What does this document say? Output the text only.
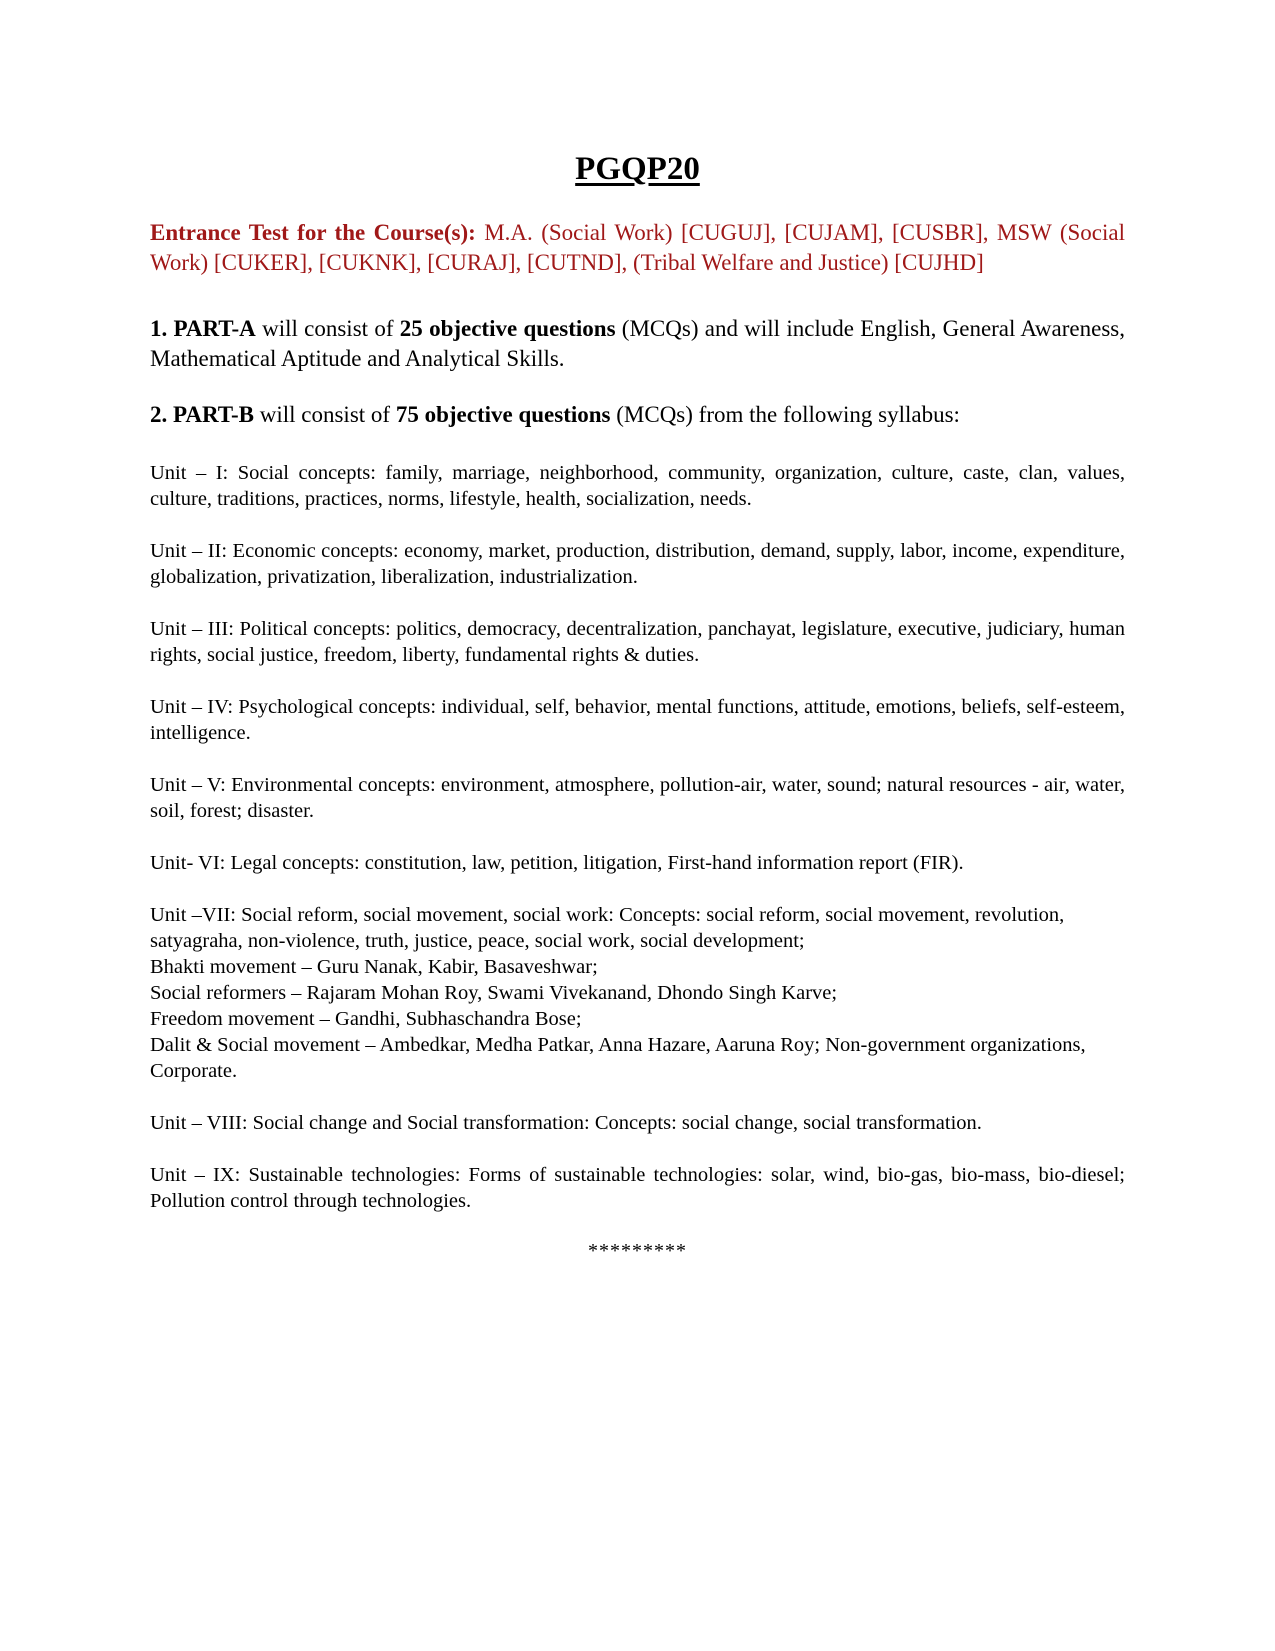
PGQP20

Entrance Test for the Course(s): M.A. (Social Work) [CUGUJ], [CUJAM], [CUSBR], MSW (Social Work) [CUKER], [CUKNK], [CURAJ], [CUTND], (Tribal Welfare and Justice) [CUJHD]

1. PART-A will consist of 25 objective questions (MCQs) and will include English, General Awareness, Mathematical Aptitude and Analytical Skills.

2. PART-B will consist of 75 objective questions (MCQs) from the following syllabus:

Unit – I: Social concepts: family, marriage, neighborhood, community, organization, culture, caste, clan, values, culture, traditions, practices, norms, lifestyle, health, socialization, needs.

Unit – II: Economic concepts: economy, market, production, distribution, demand, supply, labor, income, expenditure, globalization, privatization, liberalization, industrialization.

Unit – III: Political concepts: politics, democracy, decentralization, panchayat, legislature, executive, judiciary, human rights, social justice, freedom, liberty, fundamental rights & duties.

Unit – IV: Psychological concepts: individual, self, behavior, mental functions, attitude, emotions, beliefs, self-esteem, intelligence.

Unit – V: Environmental concepts: environment, atmosphere, pollution-air, water, sound; natural resources - air, water, soil, forest; disaster.

Unit- VI: Legal concepts: constitution, law, petition, litigation, First-hand information report (FIR).

Unit –VII: Social reform, social movement, social work: Concepts: social reform, social movement, revolution, satyagraha, non-violence, truth, justice, peace, social work, social development;
Bhakti movement – Guru Nanak, Kabir, Basaveshwar;
Social reformers – Rajaram Mohan Roy, Swami Vivekanand, Dhondo Singh Karve;
Freedom movement – Gandhi, Subhaschandra Bose;
Dalit & Social movement – Ambedkar, Medha Patkar, Anna Hazare, Aaruna Roy; Non-government organizations, Corporate.

Unit – VIII: Social change and Social transformation: Concepts: social change, social transformation.

Unit – IX: Sustainable technologies: Forms of sustainable technologies: solar, wind, bio-gas, bio-mass, bio-diesel; Pollution control through technologies.

*********
